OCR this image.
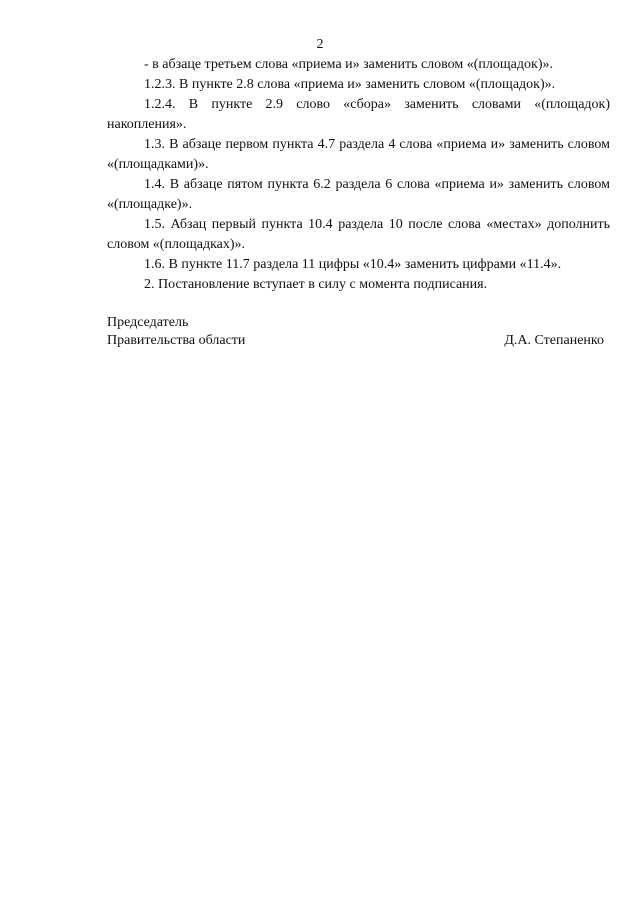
2

- в абзаце третьем слова «приема и» заменить словом «(площадок)».

1.2.3. В пункте 2.8 слова «приема и» заменить словом «(площадок)».

1.2.4. В пункте 2.9 слово «сбора» заменить словами «(площадок) накопления».

1.3. В абзаце первом пункта 4.7 раздела 4 слова «приема и» заменить словом «(площадками)».

1.4. В абзаце пятом пункта 6.2 раздела 6 слова «приема и» заменить словом «(площадке)».

1.5. Абзац первый пункта 10.4 раздела 10 после слова «местах» дополнить словом «(площадках)».

1.6. В пункте 11.7 раздела 11 цифры «10.4» заменить цифрами «11.4».

2. Постановление вступает в силу с момента подписания.

Председатель
Правительства области	Д.А. Степаненко
